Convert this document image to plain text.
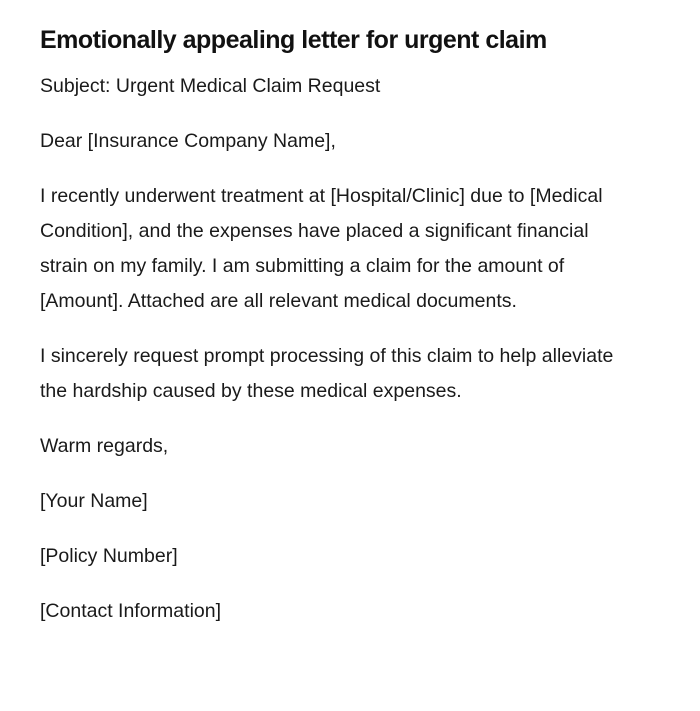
Emotionally appealing letter for urgent claim

Subject: Urgent Medical Claim Request

Dear [Insurance Company Name],

I recently underwent treatment at [Hospital/Clinic] due to [Medical Condition], and the expenses have placed a significant financial strain on my family. I am submitting a claim for the amount of [Amount]. Attached are all relevant medical documents.

I sincerely request prompt processing of this claim to help alleviate the hardship caused by these medical expenses.

Warm regards,

[Your Name]

[Policy Number]

[Contact Information]
